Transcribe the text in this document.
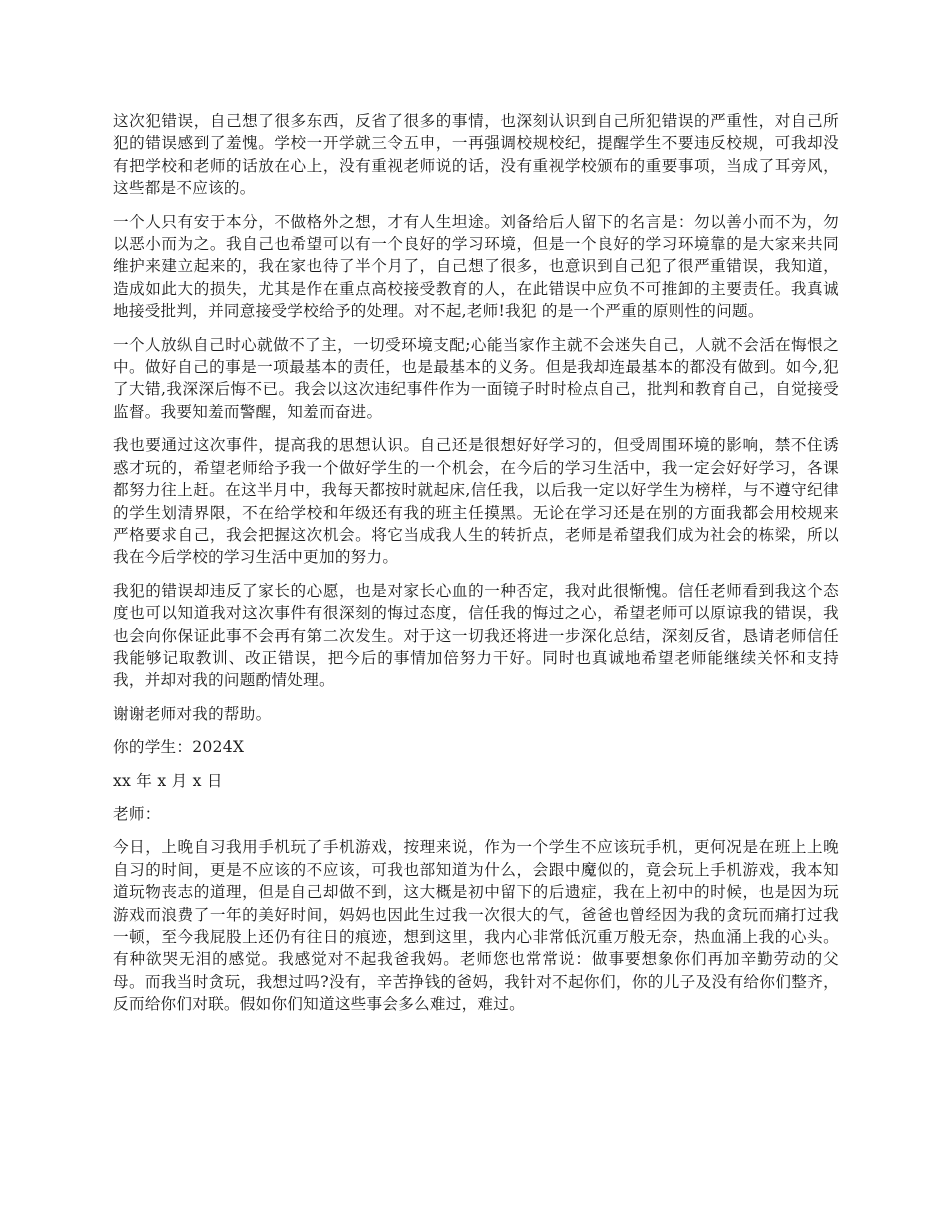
这次犯错误，自己想了很多东西，反省了很多的事情，也深刻认识到自己所犯错误的严重性，对自己所犯的错误感到了羞愧。学校一开学就三令五申，一再强调校规校纪，提醒学生不要违反校规，可我却没有把学校和老师的话放在心上，没有重视老师说的话，没有重视学校颁布的重要事项，当成了耳旁风，这些都是不应该的。

一个人只有安于本分，不做格外之想，才有人生坦途。刘备给后人留下的名言是：勿以善小而不为，勿以恶小而为之。我自己也希望可以有一个良好的学习环境，但是一个良好的学习环境靠的是大家来共同维护来建立起来的，我在家也待了半个月了，自己想了很多，也意识到自己犯了很严重错误，我知道，造成如此大的损失，尤其是作在重点高校接受教育的人，在此错误中应负不可推卸的主要责任。我真诚地接受批判，并同意接受学校给予的处理。对不起,老师!我犯 的是一个严重的原则性的问题。

一个人放纵自己时心就做不了主，一切受环境支配;心能当家作主就不会迷失自己，人就不会活在悔恨之中。做好自己的事是一项最基本的责任，也是最基本的义务。但是我却连最基本的都没有做到。如今,犯了大错,我深深后悔不已。我会以这次违纪事件作为一面镜子时时检点自己，批判和教育自己，自觉接受监督。我要知羞而警醒，知羞而奋进。

我也要通过这次事件，提高我的思想认识。自己还是很想好好学习的，但受周围环境的影响，禁不住诱惑才玩的，希望老师给予我一个做好学生的一个机会，在今后的学习生活中，我一定会好好学习，各课都努力往上赶。在这半月中，我每天都按时就起床,信任我，以后我一定以好学生为榜样，与不遵守纪律的学生划清界限，不在给学校和年级还有我的班主任摸黑。无论在学习还是在别的方面我都会用校规来严格要求自己，我会把握这次机会。将它当成我人生的转折点，老师是希望我们成为社会的栋梁，所以我在今后学校的学习生活中更加的努力。

我犯的错误却违反了家长的心愿，也是对家长心血的一种否定，我对此很惭愧。信任老师看到我这个态度也可以知道我对这次事件有很深刻的悔过态度，信任我的悔过之心，希望老师可以原谅我的错误，我也会向你保证此事不会再有第二次发生。对于这一切我还将进一步深化总结，深刻反省，恳请老师信任我能够记取教训、改正错误，把今后的事情加倍努力干好。同时也真诚地希望老师能继续关怀和支持我，并却对我的问题酌情处理。

谢谢老师对我的帮助。

你的学生：2024X

xx 年 x 月 x 日

老师：

今日，上晚自习我用手机玩了手机游戏，按理来说，作为一个学生不应该玩手机，更何况是在班上上晚自习的时间，更是不应该的不应该，可我也部知道为什么，会跟中魔似的，竟会玩上手机游戏，我本知道玩物丧志的道理，但是自己却做不到，这大概是初中留下的后遗症，我在上初中的时候，也是因为玩游戏而浪费了一年的美好时间，妈妈也因此生过我一次很大的气，爸爸也曾经因为我的贪玩而痛打过我一顿，至今我屁股上还仍有往日的痕迹，想到这里，我内心非常低沉重万般无奈，热血涌上我的心头。有种欲哭无泪的感觉。我感觉对不起我爸我妈。老师您也常常说：做事要想象你们再加辛勤劳动的父母。而我当时贪玩，我想过吗?没有，辛苦挣钱的爸妈，我针对不起你们，你的儿子及没有给你们整齐，反而给你们对联。假如你们知道这些事会多么难过，难过。
